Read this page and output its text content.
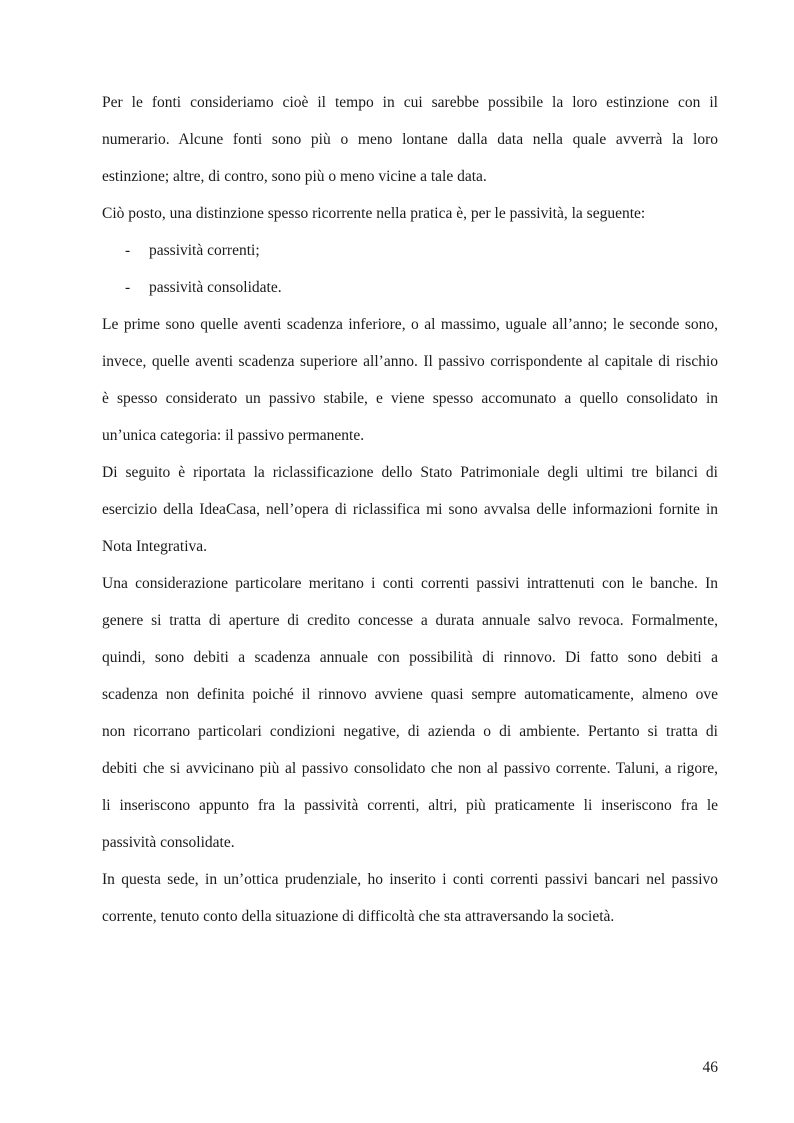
Per le fonti consideriamo cioè il tempo in cui sarebbe possibile la loro estinzione con il
numerario. Alcune fonti sono più o meno lontane dalla data nella quale avverrà la loro
estinzione; altre, di contro, sono più o meno vicine a tale data.
Ciò posto, una distinzione spesso ricorrente nella pratica è, per le passività, la seguente:
-	passività correnti;
-	passività consolidate.
Le prime sono quelle aventi scadenza inferiore, o al massimo, uguale all’anno; le seconde sono,
invece, quelle aventi scadenza superiore all’anno. Il passivo corrispondente al capitale di rischio
è spesso considerato un passivo stabile, e viene spesso accomunato a quello consolidato in
un’unica categoria: il passivo permanente.
Di seguito è riportata la riclassificazione dello Stato Patrimoniale degli ultimi tre bilanci di
esercizio della IdeaCasa, nell’opera di riclassifica mi sono avvalsa delle informazioni fornite in
Nota Integrativa.
Una considerazione particolare meritano i conti correnti passivi intrattenuti con le banche. In
genere si tratta di aperture di credito concesse a durata annuale salvo revoca. Formalmente,
quindi, sono debiti a scadenza annuale con possibilità di rinnovo. Di fatto sono debiti a
scadenza non definita poiché il rinnovo avviene quasi sempre automaticamente, almeno ove
non ricorrano particolari condizioni negative, di azienda o di ambiente. Pertanto si tratta di
debiti che si avvicinano più al passivo consolidato che non al passivo corrente. Taluni, a rigore,
li inseriscono appunto fra la passività correnti, altri, più praticamente li inseriscono fra le
passività consolidate.
In questa sede, in un’ottica prudenziale, ho inserito i conti correnti passivi bancari nel passivo
corrente, tenuto conto della situazione di difficoltà che sta attraversando la società.
46
